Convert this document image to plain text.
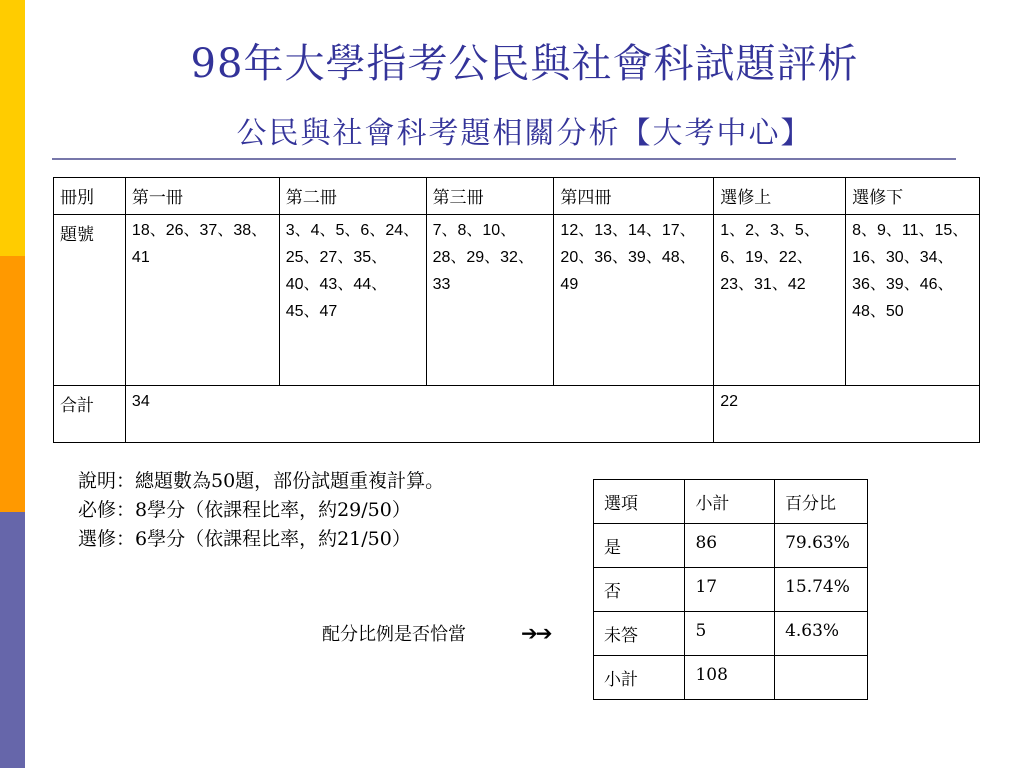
98年大學指考公民與社會科試題評析
公民與社會科考題相關分析【大考中心】
冊別	第一冊	第二冊	第三冊	第四冊	選修上	選修下
題號	18、26、37、38、41	3、4、5、6、24、25、27、35、40、43、44、45、47	7、8、10、28、29、32、33	12、13、14、17、20、36、39、48、49	1、2、3、5、6、19、22、23、31、42	8、9、11、15、16、30、34、36、39、46、48、50
合計	34				22	
說明：總題數為50題，部份試題重複計算。
必修：8學分（依課程比率，約29/50）
選修：6學分（依課程比率，約21/50）
選項	小計	百分比
是	86	79.63%
否	17	15.74%
未答	5	4.63%
小計	108	
配分比例是否恰當	➔➔
